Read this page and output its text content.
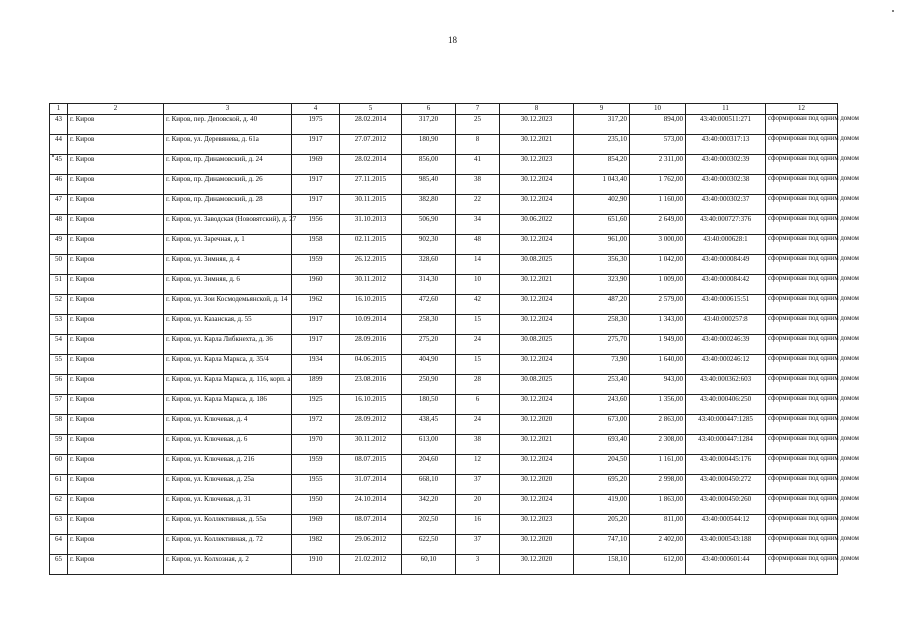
18
1	2	3	4	5	6	7	8	9	10	11	12
43	г. Киров	г. Киров, пер. Деповской, д. 40	1975	28.02.2014	317,20	25	30.12.2023	317,20	894,00	43:40:000511:271	сформирован под одним домом
44	г. Киров	г. Киров, ул. Деревянева, д. 61а	1917	27.07.2012	180,90	8	30.12.2021	235,10	573,00	43:40:000317:13	сформирован под одним домом
45	г. Киров	г. Киров, пр. Динамовский, д. 24	1969	28.02.2014	856,00	41	30.12.2023	854,20	2 311,00	43:40:000302:39	сформирован под одним домом
46	г. Киров	г. Киров, пр. Динамовский, д. 26	1917	27.11.2015	985,40	38	30.12.2024	1 043,40	1 762,00	43:40:000302:38	сформирован под одним домом
47	г. Киров	г. Киров, пр. Динамовский, д. 28	1917	30.11.2015	382,80	22	30.12.2024	402,90	1 160,00	43:40:000302:37	сформирован под одним домом
48	г. Киров	г. Киров, ул. Заводская (Нововятский), д. 27	1956	31.10.2013	506,90	34	30.06.2022	651,60	2 649,00	43:40:000727:376	сформирован под одним домом
49	г. Киров	г. Киров, ул. Заречная, д. 1	1958	02.11.2015	902,30	48	30.12.2024	961,00	3 000,00	43:40:000628:1	сформирован под одним домом
50	г. Киров	г. Киров, ул. Зимняя, д. 4	1959	26.12.2015	328,60	14	30.08.2025	356,30	1 042,00	43:40:000084:49	сформирован под одним домом
51	г. Киров	г. Киров, ул. Зимняя, д. 6	1960	30.11.2012	314,30	10	30.12.2021	323,90	1 009,00	43:40:000084:42	сформирован под одним домом
52	г. Киров	г. Киров, ул. Зои Космодемьянской, д. 14	1962	16.10.2015	472,60	42	30.12.2024	487,20	2 579,00	43:40:000615:51	сформирован под одним домом
53	г. Киров	г. Киров, ул. Казанская, д. 55	1917	10.09.2014	258,30	15	30.12.2024	258,30	1 343,00	43:40:000257:8	сформирован под одним домом
54	г. Киров	г. Киров, ул. Карла Либкнехта, д. 36	1917	28.09.2016	275,20	24	30.08.2025	275,70	1 949,00	43:40:000246:39	сформирован под одним домом
55	г. Киров	г. Киров, ул. Карла Маркса, д. 35/4	1934	04.06.2015	404,90	15	30.12.2024	73,90	1 640,00	43:40:000246:12	сформирован под одним домом
56	г. Киров	г. Киров, ул. Карла Маркса, д. 116, корп. а	1899	23.08.2016	250,90	28	30.08.2025	253,40	943,00	43:40:000362:603	сформирован под одним домом
57	г. Киров	г. Киров, ул. Карла Маркса, д. 186	1925	16.10.2015	180,50	6	30.12.2024	243,60	1 356,00	43:40:000406:250	сформирован под одним домом
58	г. Киров	г. Киров, ул. Ключевая, д. 4	1972	28.09.2012	438,45	24	30.12.2020	673,00	2 863,00	43:40:000447:1285	сформирован под одним домом
59	г. Киров	г. Киров, ул. Ключевая, д. 6	1970	30.11.2012	613,00	38	30.12.2021	693,40	2 308,00	43:40:000447:1284	сформирован под одним домом
60	г. Киров	г. Киров, ул. Ключевая, д. 216	1959	08.07.2015	204,60	12	30.12.2024	204,50	1 161,00	43:40:000445:176	сформирован под одним домом
61	г. Киров	г. Киров, ул. Ключевая, д. 25а	1955	31.07.2014	668,10	37	30.12.2020	695,20	2 998,00	43:40:000450:272	сформирован под одним домом
62	г. Киров	г. Киров, ул. Ключевая, д. 31	1950	24.10.2014	342,20	20	30.12.2024	419,00	1 863,00	43:40:000450:260	сформирован под одним домом
63	г. Киров	г. Киров, ул. Коллективная, д. 55а	1969	08.07.2014	202,50	16	30.12.2023	205,20	811,00	43:40:000544:12	сформирован под одним домом
64	г. Киров	г. Киров, ул. Коллективная, д. 72	1982	29.06.2012	622,50	37	30.12.2020	747,10	2 402,00	43:40:000543:188	сформирован под одним домом
65	г. Киров	г. Киров, ул. Колхозная, д. 2	1910	21.02.2012	60,10	3	30.12.2020	158,10	612,00	43:40:000601:44	сформирован под одним домом
